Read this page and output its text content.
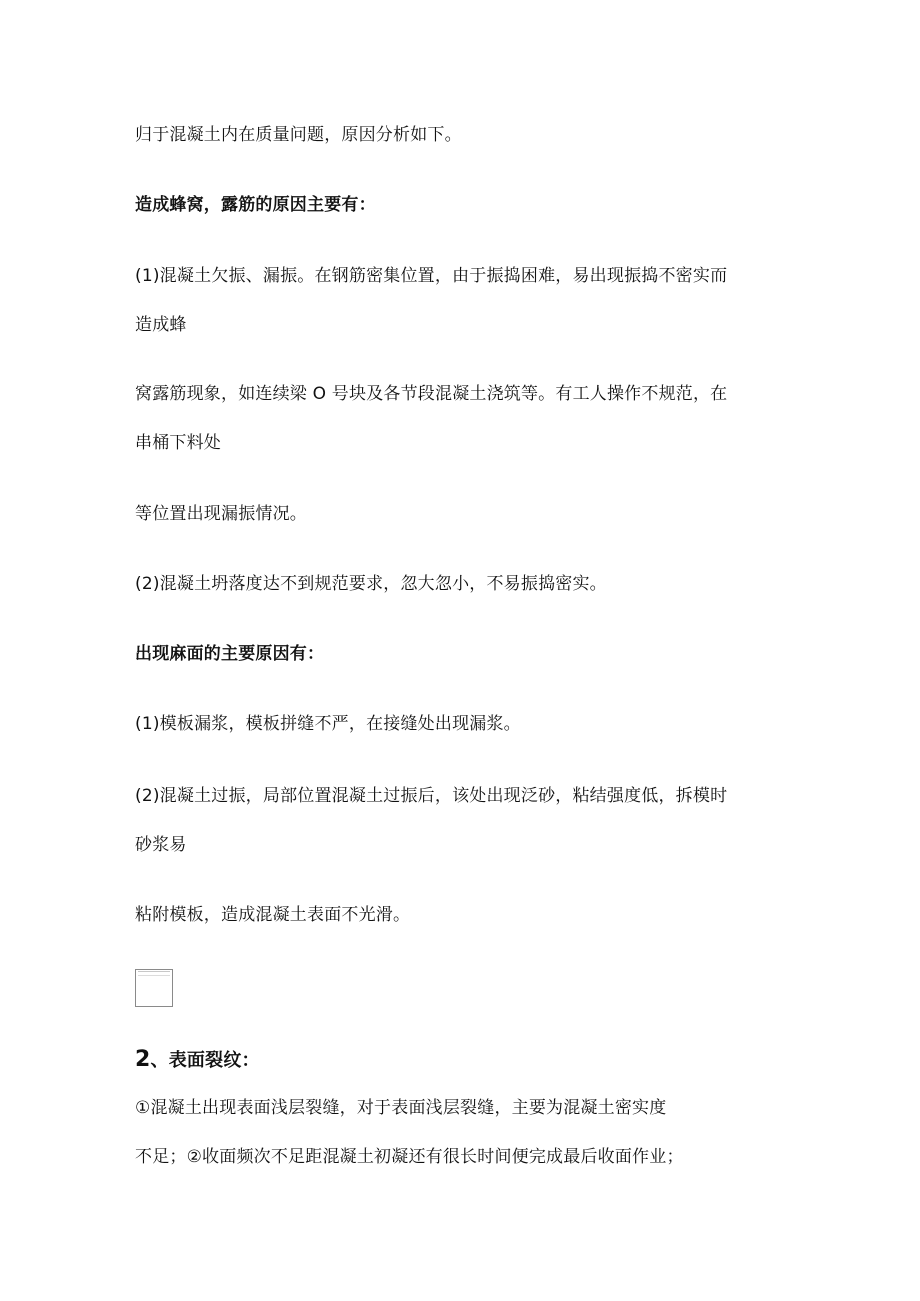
归于混凝土内在质量问题，原因分析如下。
造成蜂窝，露筋的原因主要有：
(1)混凝土欠振、漏振。在钢筋密集位置，由于振捣困难，易出现振捣不密实而
造成蜂
窝露筋现象，如连续梁 O 号块及各节段混凝土浇筑等。有工人操作不规范，在
串桶下料处
等位置出现漏振情况。
(2)混凝土坍落度达不到规范要求，忽大忽小，不易振捣密实。
出现麻面的主要原因有：
(1)模板漏浆，模板拼缝不严，在接缝处出现漏浆。
(2)混凝土过振，局部位置混凝土过振后，该处出现泛砂，粘结强度低，拆模时
砂浆易
粘附模板，造成混凝土表面不光滑。
2、表面裂纹：
①混凝土出现表面浅层裂缝，对于表面浅层裂缝，主要为混凝土密实度
不足；②收面频次不足距混凝土初凝还有很长时间便完成最后收面作业；
